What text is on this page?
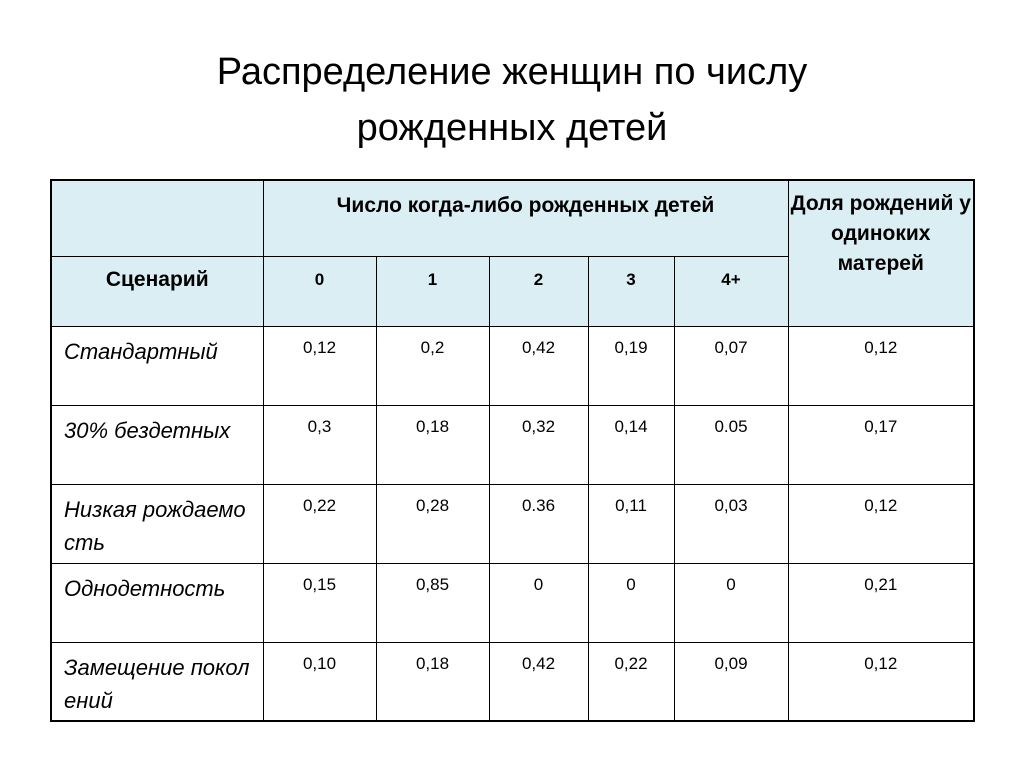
Распределение женщин по числу
рожденных детей

	Число когда-либо рожденных детей					Доля рождений у одиноких матерей

Сценарий	0	1	2	3	4+	

Стандартный	0,12	0,2	0,42	0,19	0,07	0,12

30% бездетных	0,3	0,18	0,32	0,14	0.05	0,17

Низкая рождаемость	0,22	0,28	0.36	0,11	0,03	0,12

Однодетность	0,15	0,85	0	0	0	0,21

Замещение поколений	0,10	0,18	0,42	0,22	0,09	0,12
